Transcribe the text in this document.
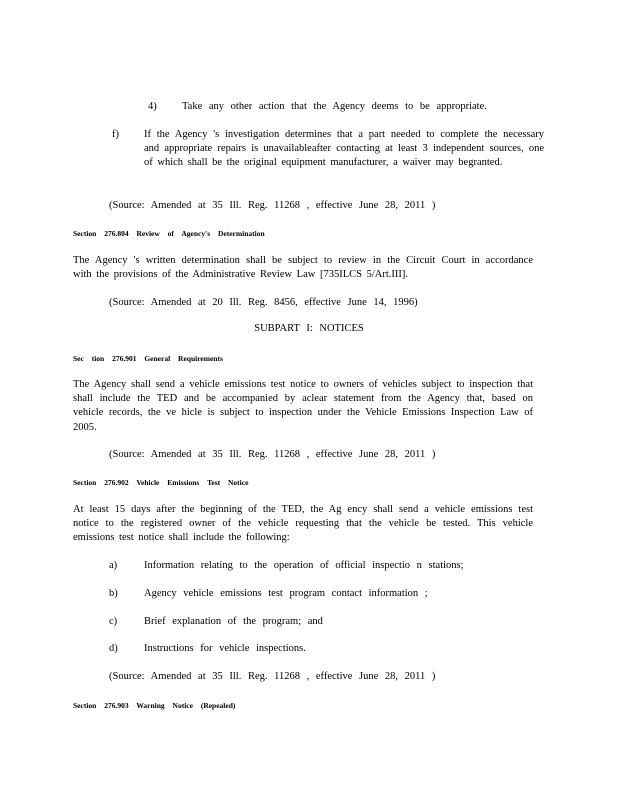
4) Take any other action that the Agency deems to be appropriate.
f) If the Agency 's investigation determines that a part needed to complete the necessary and appropriate repairs is unavailableafter contacting at least 3 independent sources, one of which shall be the original equipment manufacturer, a waiver may begranted.
(Source: Amended at 35 Ill. Reg. 11268 , effective June 28, 2011 )
Section 276.804 Review of Agency's Determination
The Agency 's written determination shall be subject to review in the Circuit Court in accordance with the provisions of the Administrative Review Law [735ILCS 5/Art.III].
(Source: Amended at 20 Ill. Reg. 8456, effective June 14, 1996)
SUBPART I: NOTICES
Sec tion 276.901 General Requirements
The Agency shall send a vehicle emissions test notice to owners of vehicles subject to inspection that shall include the TED and be accompanied by aclear statement from the Agency that, based on vehicle records, the ve hicle is subject to inspection under the Vehicle Emissions Inspection Law of 2005.
(Source: Amended at 35 Ill. Reg. 11268 , effective June 28, 2011 )
Section 276.902 Vehicle Emissions Test Notice
At least 15 days after the beginning of the TED, the Ag ency shall send a vehicle emissions test notice to the registered owner of the vehicle requesting that the vehicle be tested. This vehicle emissions test notice shall include the following:
a)	Information relating to the operation of official inspectio n stations;
b)	Agency vehicle emissions test program contact information ;
c)	Brief explanation of the program; and
d)	Instructions for vehicle inspections.
(Source: Amended at 35 Ill. Reg. 11268 , effective June 28, 2011 )
Section 276.903 Warning Notice (Repealed)
